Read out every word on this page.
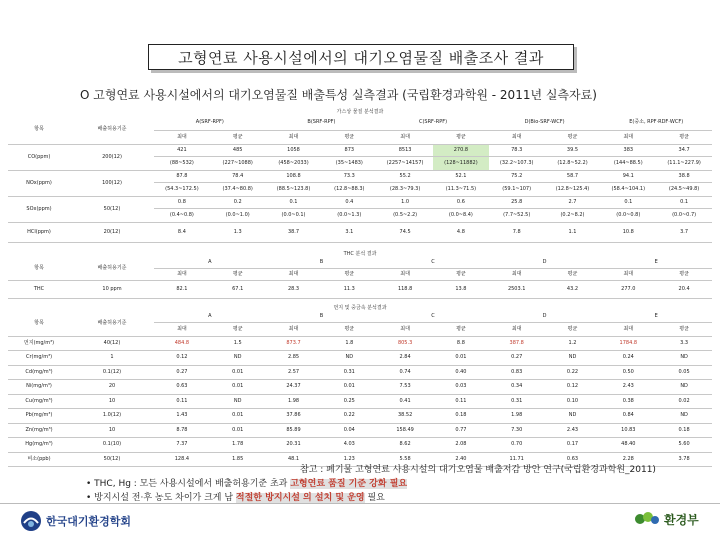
고형연료 사용시설에서의 대기오염물질 배출조사 결과
O 고형연료 사용시설에서의 대기오염물질 배출특성 실측결과 (국립환경과학원 - 2011년 실측자료)
가스상 물질 분석결과
항목	배출허용기준	A(SRF-RPF)		B(SRF-RPF)		C(SRF-RPF)		D(Bio-SRF-WCF)		E(중소, RPF·RDF·WCF)	
		최대	평균	최대	평균	최대	평균	최대	평균	최대	평균
CO(ppm)	200(12)	421	485	1058	873	8513	270.8	78.3	39.5	383	34.7
		(88~532)	(227~1088)	(458~2033)	(35~1483)	(2257~14157)	(128~11882)	(32.2~107.3)	(12.8~52.2)	(144~88.5)	(11.1~227.9)
NOx(ppm)	100(12)	87.8	78.4	108.8	73.3	55.2	52.1	75.2	58.7	94.1	38.8
		(54.3~172.5)	(37.4~80.8)	(88.5~123.8)	(12.8~88.3)	(28.3~79.3)	(11.3~71.5)	(59.1~107)	(12.8~125.4)	(58.4~104.1)	(24.5~49.8)
SOx(ppm)	50(12)	0.8	0.2	0.1	0.4	1.0	0.6	25.8	2.7	0.1	0.1
		(0.4~0.8)	(0.0~1.0)	(0.0~0.1)	(0.0~1.3)	(0.5~2.2)	(0.0~8.4)	(7.7~52.5)	(0.2~8.2)	(0.0~0.8)	(0.0~0.7)
HCl(ppm)	20(12)	8.4	1.3	38.7	3.1	74.5	4.8	7.8	1.1	10.8	3.7
THC 분석 결과
항목	배출허용기준	A		B		C		D		E	
		최대	평균	최대	평균	최대	평균	최대	평균	최대	평균
THC	10 ppm	82.1	67.1	28.3	11.3	118.8	13.8	2503.1	43.2	277.0	20.4
먼지 및 중금속 분석결과
항목	배출허용기준	A		B		C		D		E	
		최대	평균	최대	평균	최대	평균	최대	평균	최대	평균
먼지(mg/m³)	40(12)	484.8	1.5	873.7	1.8	805.3	8.8	387.8	1.2	1784.8	3.3
Cr(mg/m³)	1	0.12	ND	2.85	ND	2.84	0.01	0.27	ND	0.24	ND
Cd(mg/m³)	0.1(12)	0.27	0.01	2.57	0.31	0.74	0.40	0.83	0.22	0.50	0.05
Ni(mg/m³)	20	0.63	0.01	24.37	0.01	7.53	0.03	0.34	0.12	2.43	ND
Cu(mg/m³)	10	0.11	ND	1.98	0.25	0.41	0.11	0.31	0.10	0.38	0.02
Pb(mg/m³)	1.0(12)	1.43	0.01	37.86	0.22	38.52	0.18	1.98	ND	0.84	ND
Zn(mg/m³)	10	8.78	0.01	85.89	0.04	158.49	0.77	7.30	2.43	10.83	0.18
Hg(mg/m³)	0.1(10)	7.37	1.78	20.31	4.03	8.62	2.08	0.70	0.17	48.40	5.60
비소(ppb)	50(12)	128.4	1.85	48.1	1.23	5.58	2.40	11.71	0.63	2.28	3.78
참고 : 폐기물 고형연료 사용시설의 대기오염물 배출저감 방안 연구(국립환경과학원_2011)
• THC, Hg : 모든 사용시설에서 배출허용기준 초과 고형연료 품질 기준 강화 필요
• 방지시설 전·후 농도 차이가 크게 남 적절한 방지시설 의 설치 및 운영 필요
한국대기환경학회	환경부
